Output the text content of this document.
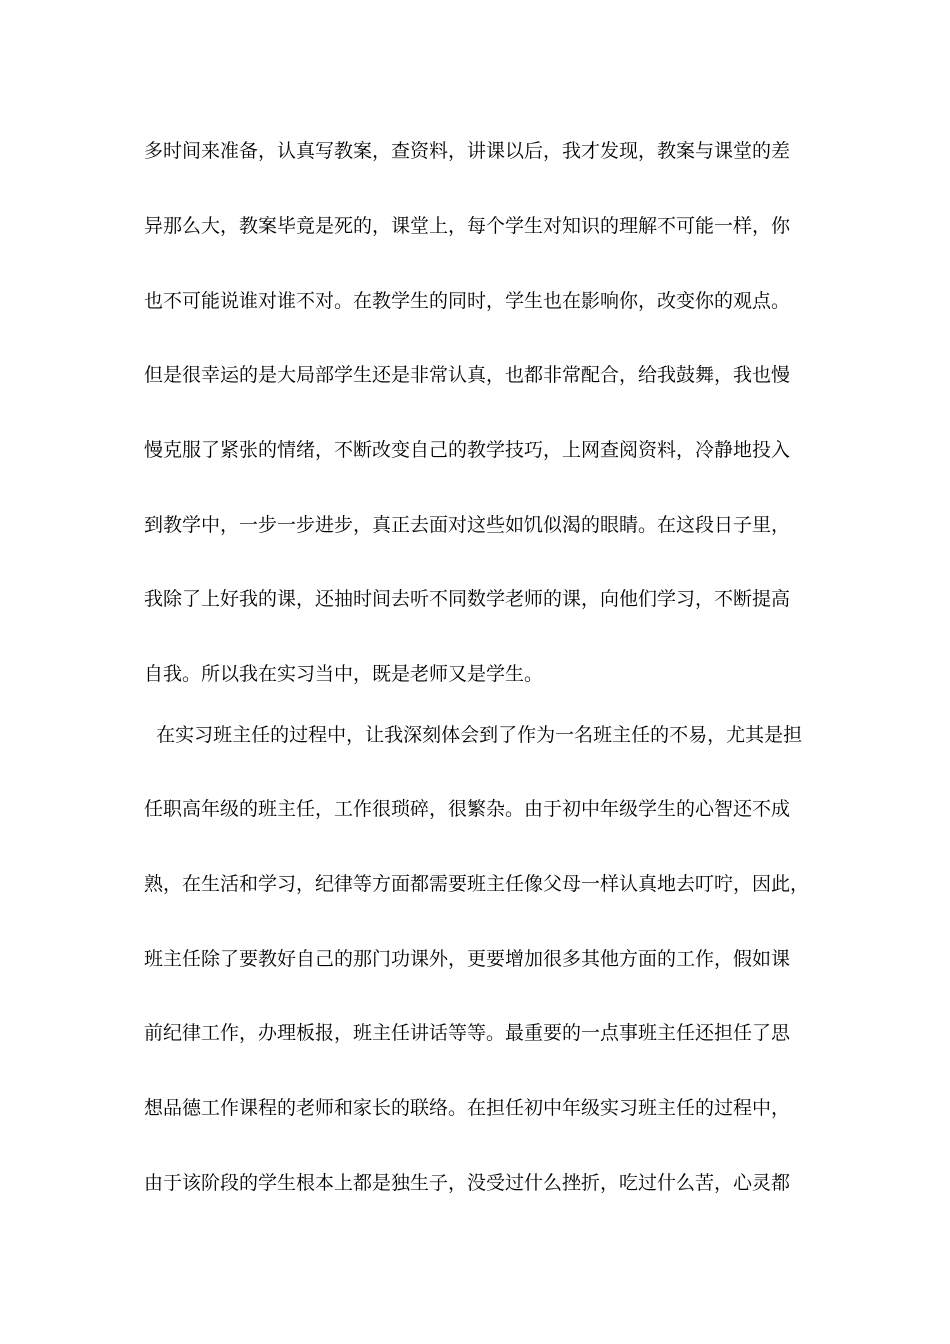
多时间来准备，认真写教案，查资料，讲课以后，我才发现，教案与课堂的差

异那么大，教案毕竟是死的，课堂上，每个学生对知识的理解不可能一样，你

也不可能说谁对谁不对。在教学生的同时，学生也在影响你，改变你的观点。

但是很幸运的是大局部学生还是非常认真，也都非常配合，给我鼓舞，我也慢

慢克服了紧张的情绪，不断改变自己的教学技巧，上网查阅资料，冷静地投入

到教学中，一步一步进步，真正去面对这些如饥似渴的眼睛。在这段日子里，

我除了上好我的课，还抽时间去听不同数学老师的课，向他们学习，不断提高

自我。所以我在实习当中，既是老师又是学生。

在实习班主任的过程中，让我深刻体会到了作为一名班主任的不易，尤其是担

任职高年级的班主任，工作很琐碎，很繁杂。由于初中年级学生的心智还不成

熟，在生活和学习，纪律等方面都需要班主任像父母一样认真地去叮咛，因此，

班主任除了要教好自己的那门功课外，更要增加很多其他方面的工作，假如课

前纪律工作，办理板报，班主任讲话等等。最重要的一点事班主任还担任了思

想品德工作课程的老师和家长的联络。在担任初中年级实习班主任的过程中，

由于该阶段的学生根本上都是独生子，没受过什么挫折，吃过什么苦，心灵都
